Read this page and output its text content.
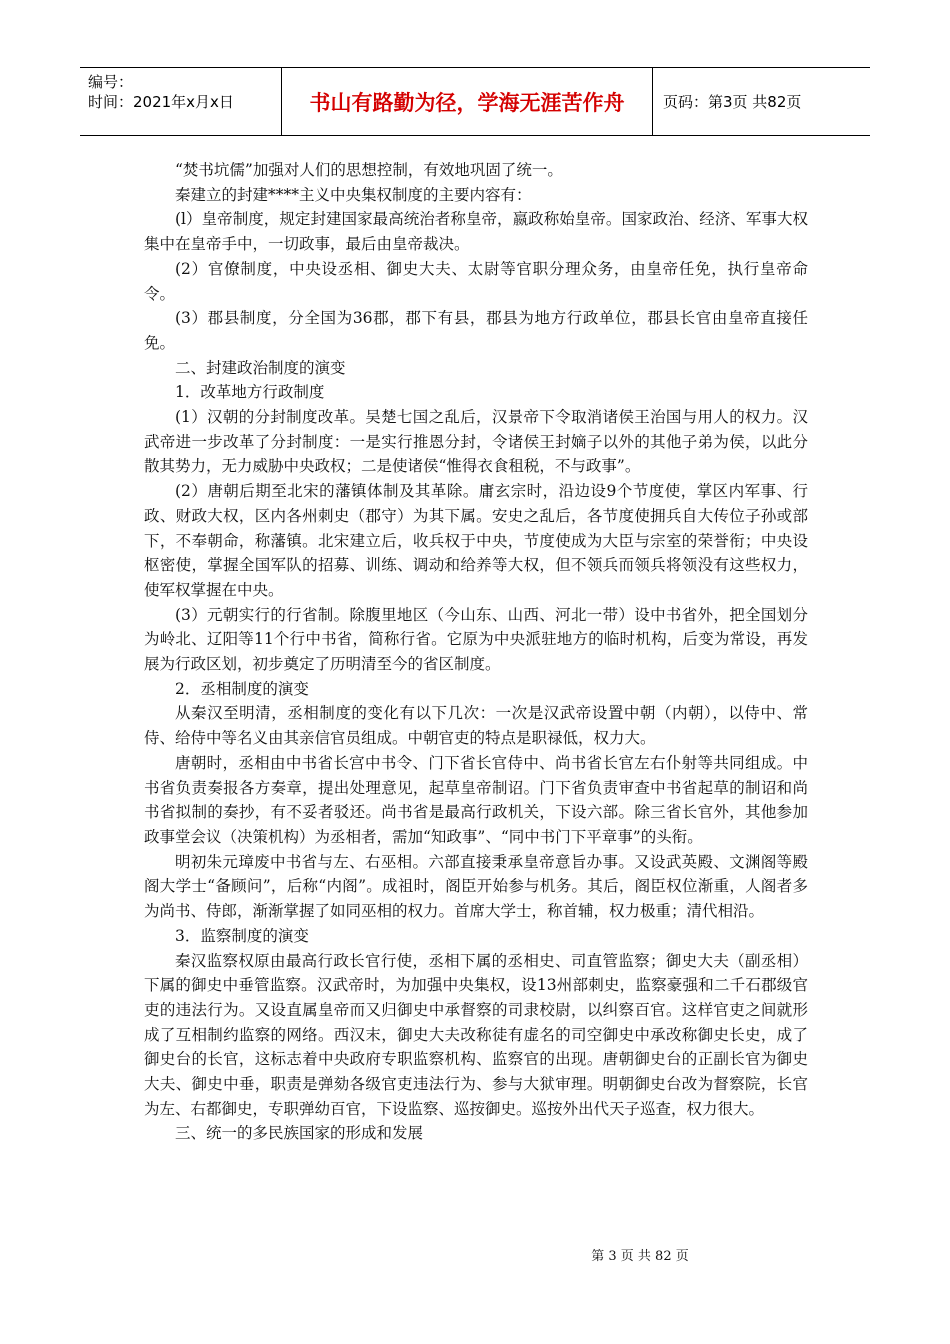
编号：
时间：2021年x月x日	书山有路勤为径，学海无涯苦作舟	页码：第3页 共82页

“焚书坑儒”加强对人们的思想控制，有效地巩固了统一。

秦建立的封建****主义中央集权制度的主要内容有：

(l）皇帝制度，规定封建国家最高统治者称皇帝，嬴政称始皇帝。国家政治、经济、军事大权集中在皇帝手中，一切政事，最后由皇帝裁决。

(2）官僚制度，中央设丞相、御史大夫、太尉等官职分理众务，由皇帝任免，执行皇帝命令。

(3）郡县制度，分全国为36郡，郡下有县，郡县为地方行政单位，郡县长官由皇帝直接任免。

二、封建政治制度的演变

1．改革地方行政制度

(1）汉朝的分封制度改革。吴楚七国之乱后，汉景帝下令取消诸侯王治国与用人的权力。汉武帝进一步改革了分封制度：一是实行推恩分封，令诸侯王封嫡子以外的其他子弟为侯，以此分散其势力，无力威胁中央政权；二是使诸侯“惟得衣食租税，不与政事”。

(2）唐朝后期至北宋的藩镇体制及其革除。庸玄宗时，沿边设9个节度使，掌区内军事、行政、财政大权，区内各州刺史（郡守）为其下属。安史之乱后，各节度使拥兵自大传位子孙或部下，不奉朝命，称藩镇。北宋建立后，收兵权于中央，节度使成为大臣与宗室的荣誉衔；中央设枢密使，掌握全国军队的招募、训练、调动和给养等大权，但不领兵而领兵将领没有这些权力，使军权掌握在中央。

(3）元朝实行的行省制。除腹里地区（今山东、山西、河北一带）设中书省外，把全国划分为岭北、辽阳等11个行中书省，简称行省。它原为中央派驻地方的临时机构，后变为常设，再发展为行政区划，初步奠定了历明清至今的省区制度。

2．丞相制度的演变

从秦汉至明清，丞相制度的变化有以下几次：一次是汉武帝设置中朝（内朝），以侍中、常侍、给侍中等名义由其亲信官员组成。中朝官吏的特点是职禄低，权力大。

唐朝时，丞相由中书省长宫中书令、门下省长官侍中、尚书省长官左右仆射等共同组成。中书省负责奏报各方奏章，提出处理意见，起草皇帝制诏。门下省负责审查中书省起草的制诏和尚书省拟制的奏抄，有不妥者驳还。尚书省是最高行政机关，下设六部。除三省长官外，其他参加政事堂会议（决策机构）为丞相者，需加“知政事”、“同中书门下平章事”的头衔。

明初朱元璋废中书省与左、右巫相。六部直接秉承皇帝意旨办事。又设武英殿、文渊阁等殿阁大学士“备顾问”，后称“内阁”。成祖时，阁臣开始参与机务。其后，阁臣权位渐重，人阁者多为尚书、侍郎，渐渐掌握了如同巫相的权力。首席大学士，称首辅，权力极重；清代相沿。

3．监察制度的演变

秦汉监察权原由最高行政长官行使，丞相下属的丞相史、司直管监察；御史大夫（副丞相）下属的御史中垂管监察。汉武帝时，为加强中央集权，设13州部刺史，监察豪强和二千石郡级官吏的违法行为。又设直属皇帝而又归御史中承督察的司隶校尉，以纠察百官。这样官吏之间就形成了互相制约监察的网络。西汉末，御史大夫改称徒有虚名的司空御史中承改称御史长史，成了御史台的长官，这标志着中央政府专职监察机构、监察官的出现。唐朝御史台的正副长官为御史大夫、御史中垂，职责是弹劾各级官吏违法行为、参与大狱审理。明朝御史台改为督察院，长官为左、右都御史，专职弹幼百官，下设监察、巡按御史。巡按外出代天子巡查，权力很大。

三、统一的多民族国家的形成和发展

第 3 页 共 82 页
